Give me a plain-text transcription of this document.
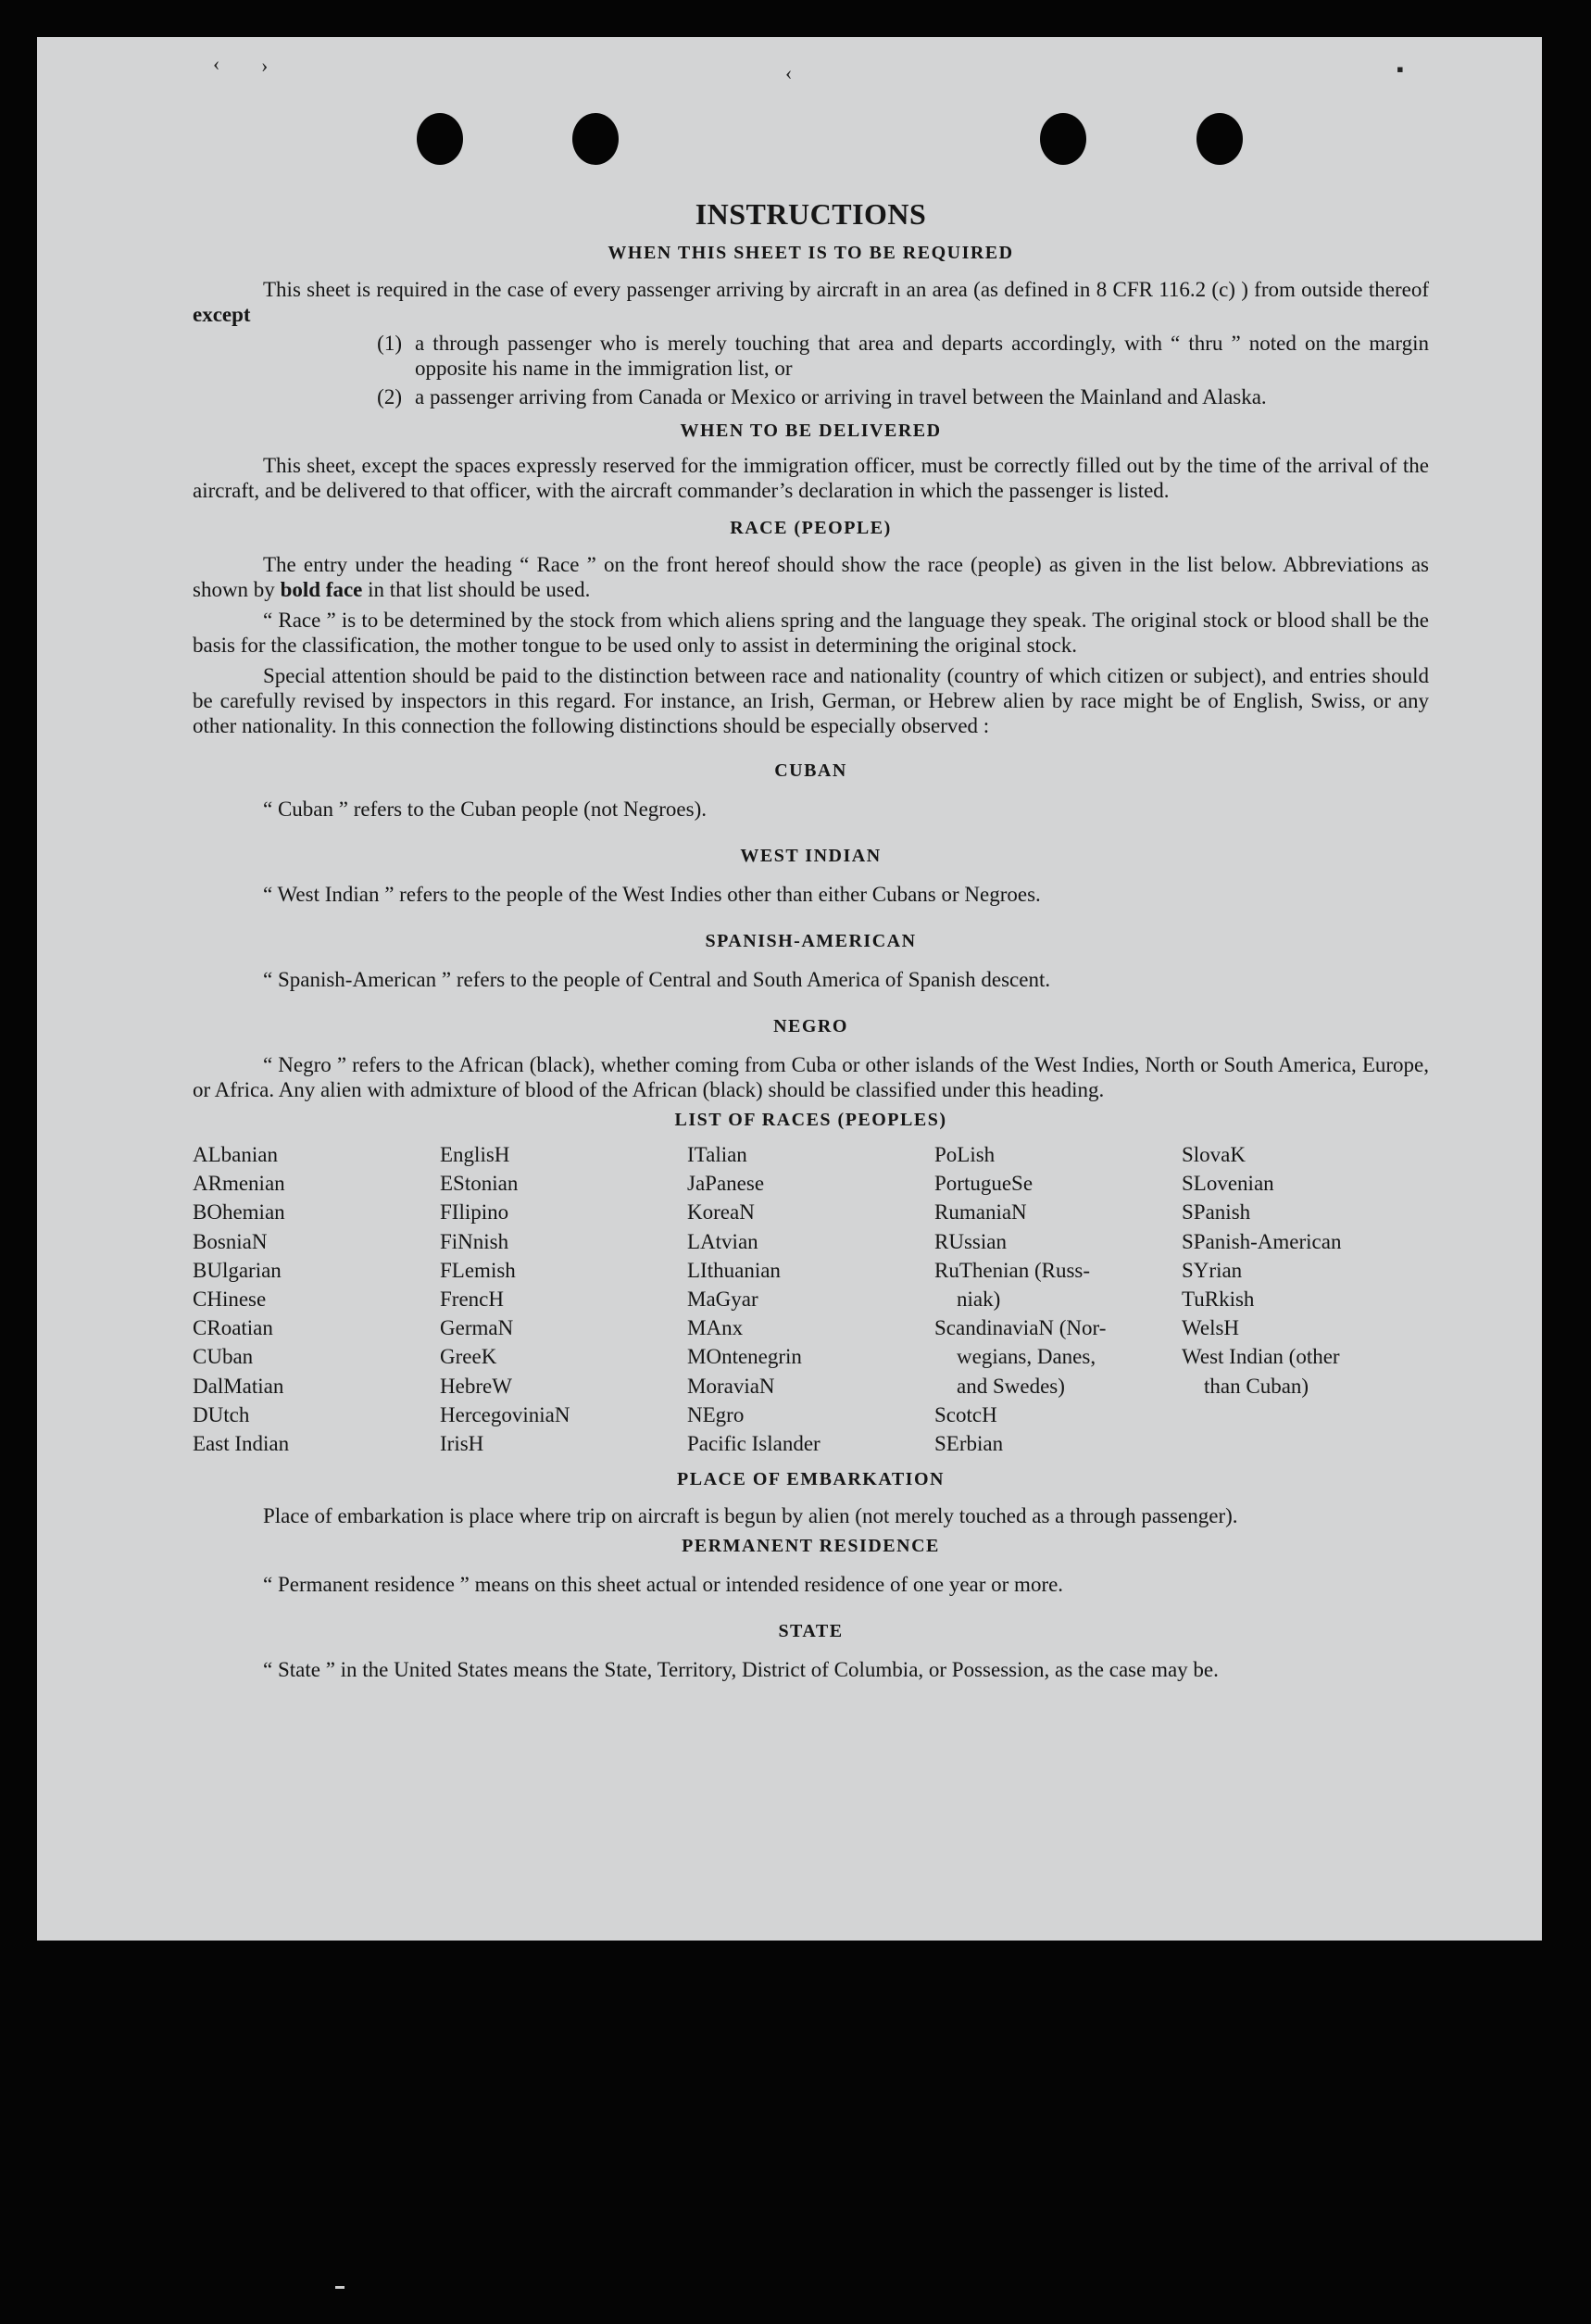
‹ ›	‹	▪
INSTRUCTIONS
WHEN THIS SHEET IS TO BE REQUIRED

This sheet is required in the case of every passenger arriving by aircraft in an area (as defined in 8 CFR 116.2 (c) ) from outside thereof except

(1) a through passenger who is merely touching that area and departs accordingly, with “ thru ” noted on the margin opposite his name in the immigration list, or
(2) a passenger arriving from Canada or Mexico or arriving in travel between the Mainland and Alaska.
WHEN TO BE DELIVERED

This sheet, except the spaces expressly reserved for the immigration officer, must be correctly filled out by the time of the arrival of the aircraft, and be delivered to that officer, with the aircraft commander’s declaration in which the passenger is listed.

RACE (PEOPLE)

The entry under the heading “ Race ” on the front hereof should show the race (people) as given in the list below. Abbreviations as shown by bold face in that list should be used.

“ Race ” is to be determined by the stock from which aliens spring and the language they speak. The original stock or blood shall be the basis for the classification, the mother tongue to be used only to assist in determining the original stock.

Special attention should be paid to the distinction between race and nationality (country of which citizen or subject), and entries should be carefully revised by inspectors in this regard. For instance, an Irish, German, or Hebrew alien by race might be of English, Swiss, or any other nationality. In this connection the following distinctions should be especially observed :

CUBAN

“ Cuban ” refers to the Cuban people (not Negroes).

WEST INDIAN

“ West Indian ” refers to the people of the West Indies other than either Cubans or Negroes.

SPANISH-AMERICAN

“ Spanish-American ” refers to the people of Central and South America of Spanish descent.

NEGRO

“ Negro ” refers to the African (black), whether coming from Cuba or other islands of the West Indies, North or South America, Europe, or Africa. Any alien with admixture of blood of the African (black) should be classified under this heading.

LIST OF RACES (PEOPLES)

ALbanian

ARmenian

BOhemian

BosniaN

BUlgarian

CHinese

CRoatian

CUban

DalMatian

DUtch

East Indian

EnglisH

EStonian

FIlipino

FiNnish

FLemish

FrencH

GermaN

GreeK

HebreW

HercegoviniaN

IrisH

ITalian

JaPanese

KoreaN

LAtvian

LIthuanian

MaGyar

MAnx

MOntenegrin

MoraviaN

NEgro

Pacific Islander

PoLish

PortugueSe

RumaniaN

RUssian

RuThenian (Russ-

niak)

ScandinaviaN (Nor-

wegians, Danes,

and Swedes)

ScotcH

SErbian

SlovaK

SLovenian

SPanish

SPanish-American

SYrian

TuRkish

WelsH

West Indian (other

than Cuban)

PLACE OF EMBARKATION

Place of embarkation is place where trip on aircraft is begun by alien (not merely touched as a through passenger).

PERMANENT RESIDENCE

“ Permanent residence ” means on this sheet actual or intended residence of one year or more.

STATE

“ State ” in the United States means the State, Territory, District of Columbia, or Possession, as the case may be.
